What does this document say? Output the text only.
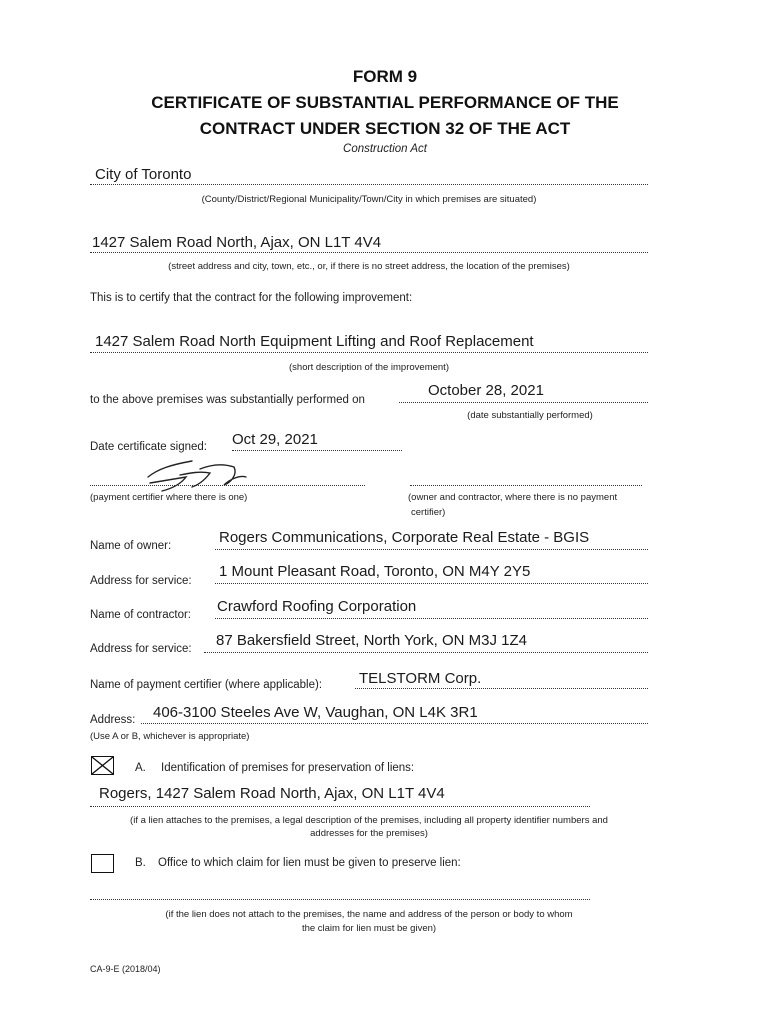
FORM 9
CERTIFICATE OF SUBSTANTIAL PERFORMANCE OF THE
CONTRACT UNDER SECTION 32 OF THE ACT
Construction Act
City of Toronto
(County/District/Regional Municipality/Town/City in which premises are situated)
1427 Salem Road North, Ajax, ON L1T 4V4
(street address and city, town, etc., or, if there is no street address, the location of the premises)
This is to certify that the contract for the following improvement:
1427 Salem Road North Equipment Lifting and Roof Replacement
(short description of the improvement)
to the above premises was substantially performed on
October 28, 2021
(date substantially performed)
Date certificate signed: Oct 29, 2021
(payment certifier where there is one)	(owner and contractor, where there is no payment
certifier)
Name of owner:	Rogers Communications, Corporate Real Estate - BGIS
Address for service:
1 Mount Pleasant Road, Toronto, ON M4Y 2Y5
Name of contractor: Crawford Roofing Corporation
Address for service: 87 Bakersfield Street, North York, ON M3J 1Z4
Name of payment certifier (where applicable): TELSTORM Corp.
Address: 406-3100 Steeles Ave W, Vaughan, ON L4K 3R1
(Use A or B, whichever is appropriate)
A. Identification of premises for preservation of liens:
Rogers, 1427 Salem Road North, Ajax, ON L1T 4V4
(if a lien attaches to the premises, a legal description of the premises, including all property identifier numbers and
addresses for the premises)
B. Office to which claim for lien must be given to preserve lien:
(if the lien does not attach to the premises, the name and address of the person or body to whom
the claim for lien must be given)
CA-9-E (2018/04)
